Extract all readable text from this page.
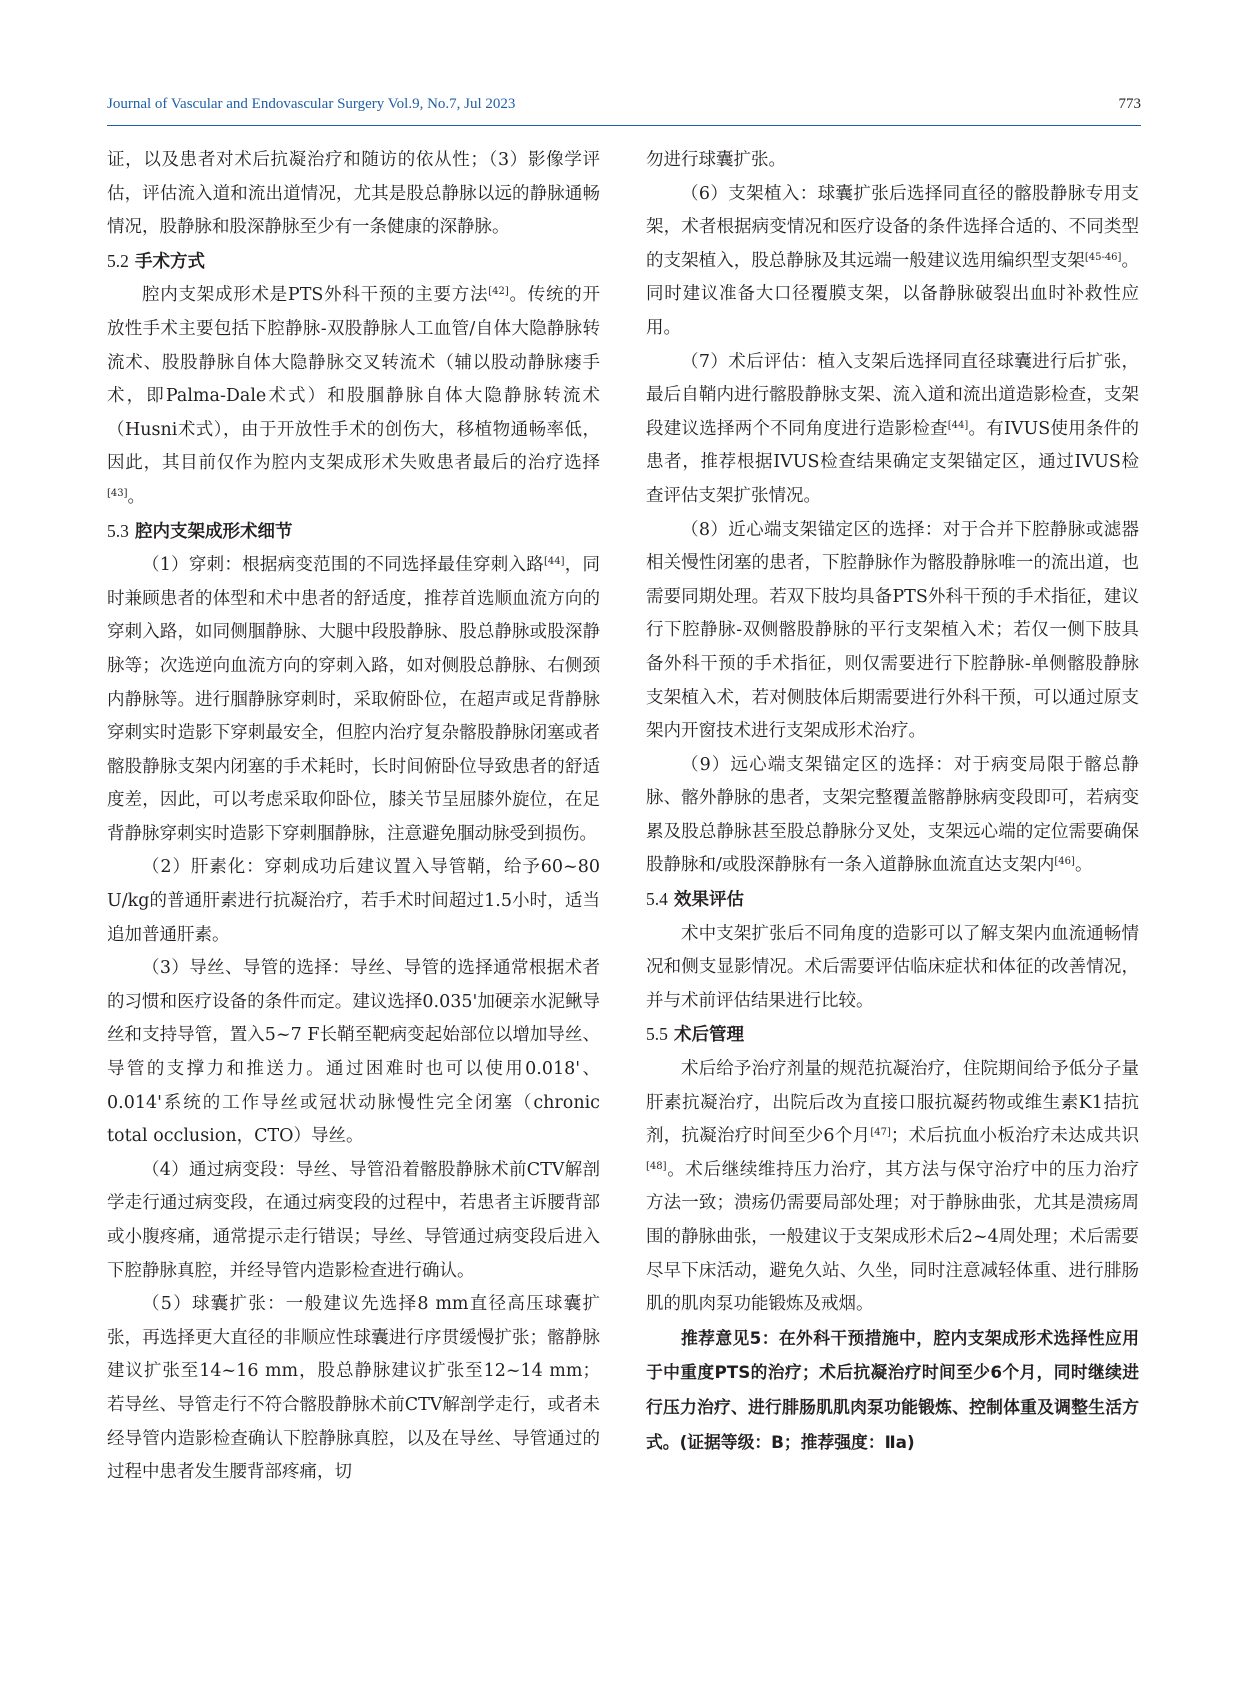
Journal of Vascular and Endovascular Surgery Vol.9, No.7, Jul 2023	773

证，以及患者对术后抗凝治疗和随访的依从性；（3）影像学评估，评估流入道和流出道情况，尤其是股总静脉以远的静脉通畅情况，股静脉和股深静脉至少有一条健康的深静脉。

5.2 手术方式

腔内支架成形术是PTS外科干预的主要方法[42]。传统的开放性手术主要包括下腔静脉-双股静脉人工血管/自体大隐静脉转流术、股股静脉自体大隐静脉交叉转流术（辅以股动静脉瘘手术，即Palma-Dale术式）和股腘静脉自体大隐静脉转流术（Husni术式），由于开放性手术的创伤大，移植物通畅率低，因此，其目前仅作为腔内支架成形术失败患者最后的治疗选择[43]。

5.3 腔内支架成形术细节

（1）穿刺：根据病变范围的不同选择最佳穿刺入路[44]，同时兼顾患者的体型和术中患者的舒适度，推荐首选顺血流方向的穿刺入路，如同侧腘静脉、大腿中段股静脉、股总静脉或股深静脉等；次选逆向血流方向的穿刺入路，如对侧股总静脉、右侧颈内静脉等。进行腘静脉穿刺时，采取俯卧位，在超声或足背静脉穿刺实时造影下穿刺最安全，但腔内治疗复杂髂股静脉闭塞或者髂股静脉支架内闭塞的手术耗时，长时间俯卧位导致患者的舒适度差，因此，可以考虑采取仰卧位，膝关节呈屈膝外旋位，在足背静脉穿刺实时造影下穿刺腘静脉，注意避免腘动脉受到损伤。

（2）肝素化：穿刺成功后建议置入导管鞘，给予60~80 U/kg的普通肝素进行抗凝治疗，若手术时间超过1.5小时，适当追加普通肝素。

（3）导丝、导管的选择：导丝、导管的选择通常根据术者的习惯和医疗设备的条件而定。建议选择0.035'加硬亲水泥鳅导丝和支持导管，置入5~7 F长鞘至靶病变起始部位以增加导丝、导管的支撑力和推送力。通过困难时也可以使用0.018'、0.014'系统的工作导丝或冠状动脉慢性完全闭塞（chronic total occlusion，CTO）导丝。

（4）通过病变段：导丝、导管沿着髂股静脉术前CTV解剖学走行通过病变段，在通过病变段的过程中，若患者主诉腰背部或小腹疼痛，通常提示走行错误；导丝、导管通过病变段后进入下腔静脉真腔，并经导管内造影检查进行确认。

（5）球囊扩张：一般建议先选择8 mm直径高压球囊扩张，再选择更大直径的非顺应性球囊进行序贯缓慢扩张；髂静脉建议扩张至14~16 mm，股总静脉建议扩张至12~14 mm；若导丝、导管走行不符合髂股静脉术前CTV解剖学走行，或者未经导管内造影检查确认下腔静脉真腔，以及在导丝、导管通过的过程中患者发生腰背部疼痛，切

勿进行球囊扩张。

（6）支架植入：球囊扩张后选择同直径的髂股静脉专用支架，术者根据病变情况和医疗设备的条件选择合适的、不同类型的支架植入，股总静脉及其远端一般建议选用编织型支架[45-46]。同时建议准备大口径覆膜支架，以备静脉破裂出血时补救性应用。

（7）术后评估：植入支架后选择同直径球囊进行后扩张，最后自鞘内进行髂股静脉支架、流入道和流出道造影检查，支架段建议选择两个不同角度进行造影检查[44]。有IVUS使用条件的患者，推荐根据IVUS检查结果确定支架锚定区，通过IVUS检查评估支架扩张情况。

（8）近心端支架锚定区的选择：对于合并下腔静脉或滤器相关慢性闭塞的患者，下腔静脉作为髂股静脉唯一的流出道，也需要同期处理。若双下肢均具备PTS外科干预的手术指征，建议行下腔静脉-双侧髂股静脉的平行支架植入术；若仅一侧下肢具备外科干预的手术指征，则仅需要进行下腔静脉-单侧髂股静脉支架植入术，若对侧肢体后期需要进行外科干预，可以通过原支架内开窗技术进行支架成形术治疗。

（9）远心端支架锚定区的选择：对于病变局限于髂总静脉、髂外静脉的患者，支架完整覆盖髂静脉病变段即可，若病变累及股总静脉甚至股总静脉分叉处，支架远心端的定位需要确保股静脉和/或股深静脉有一条入道静脉血流直达支架内[46]。

5.4 效果评估

术中支架扩张后不同角度的造影可以了解支架内血流通畅情况和侧支显影情况。术后需要评估临床症状和体征的改善情况，并与术前评估结果进行比较。

5.5 术后管理

术后给予治疗剂量的规范抗凝治疗，住院期间给予低分子量肝素抗凝治疗，出院后改为直接口服抗凝药物或维生素K1拮抗剂，抗凝治疗时间至少6个月[47]；术后抗血小板治疗未达成共识[48]。术后继续维持压力治疗，其方法与保守治疗中的压力治疗方法一致；溃疡仍需要局部处理；对于静脉曲张，尤其是溃疡周围的静脉曲张，一般建议于支架成形术后2~4周处理；术后需要尽早下床活动，避免久站、久坐，同时注意减轻体重、进行腓肠肌的肌肉泵功能锻炼及戒烟。

推荐意见5：在外科干预措施中，腔内支架成形术选择性应用于中重度PTS的治疗；术后抗凝治疗时间至少6个月，同时继续进行压力治疗、进行腓肠肌肌肉泵功能锻炼、控制体重及调整生活方式。(证据等级：B；推荐强度：Ⅱa)
